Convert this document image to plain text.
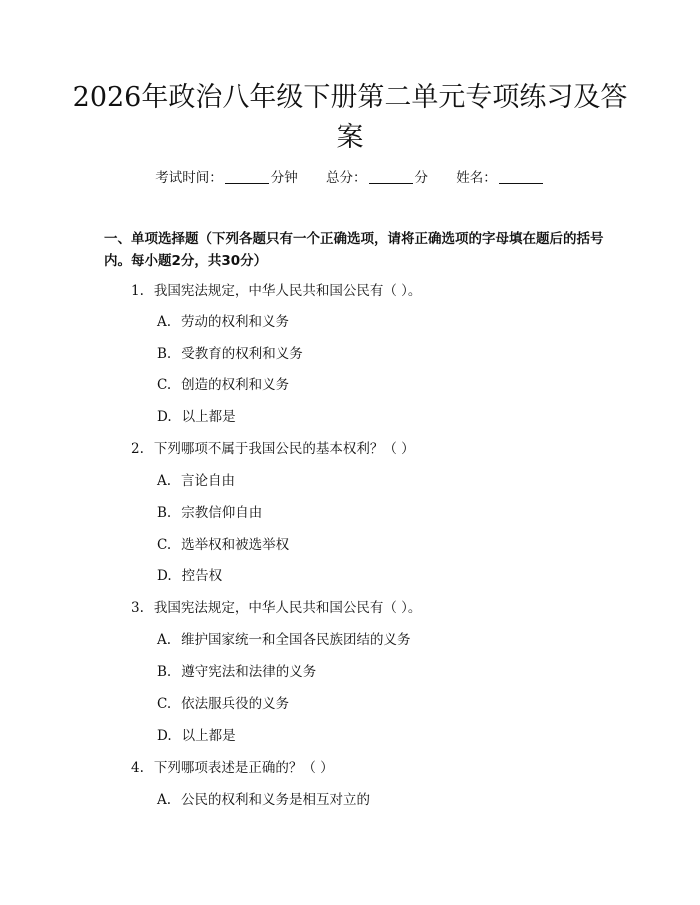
2026年政治八年级下册第二单元专项练习及答案
考试时间：	分钟 总分：	分 姓名：
一、单项选择题（下列各题只有一个正确选项，请将正确选项的字母填在题后的括号内。每小题2分，共30分）
1. 我国宪法规定，中华人民共和国公民有（ ）。
A. 劳动的权利和义务
B. 受教育的权利和义务
C. 创造的权利和义务
D. 以上都是
2. 下列哪项不属于我国公民的基本权利？（ ）
A. 言论自由
B. 宗教信仰自由
C. 选举权和被选举权
D. 控告权
3. 我国宪法规定，中华人民共和国公民有（ ）。
A. 维护国家统一和全国各民族团结的义务
B. 遵守宪法和法律的义务
C. 依法服兵役的义务
D. 以上都是
4. 下列哪项表述是正确的？（ ）
A. 公民的权利和义务是相互对立的
